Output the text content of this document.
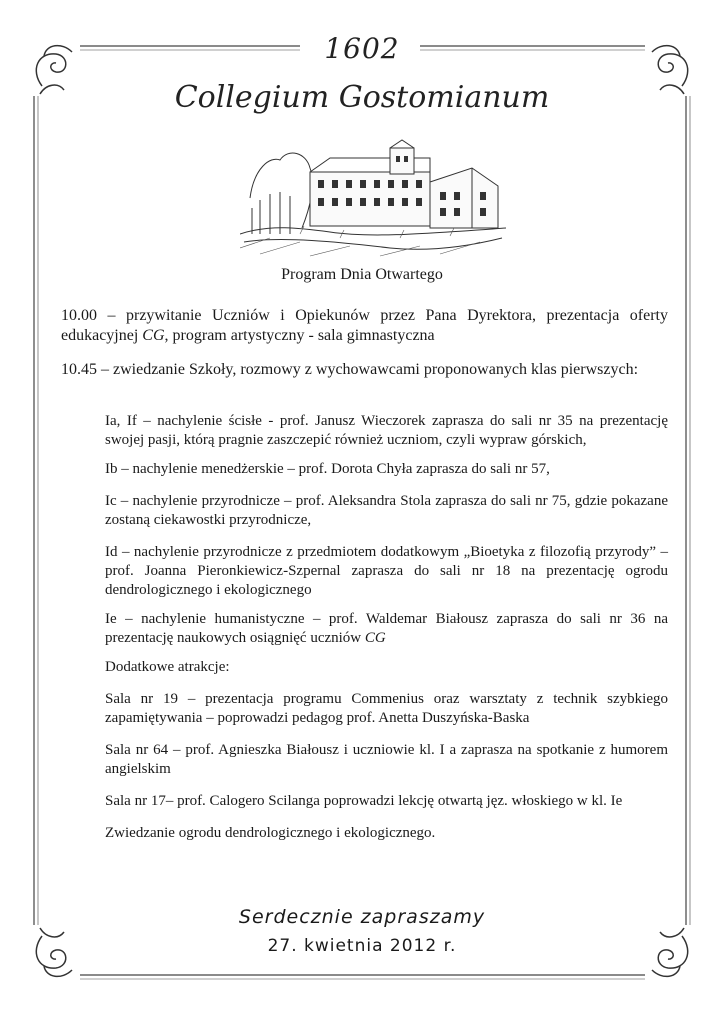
1602
Collegium Gostomianum
Program Dnia Otwartego
10.00 – przywitanie Uczniów i Opiekunów przez Pana Dyrektora, prezentacja oferty edukacyjnej CG, program artystyczny - sala gimnastyczna
10.45 – zwiedzanie Szkoły, rozmowy z wychowawcami proponowanych klas pierwszych:

Ia, If – nachylenie ścisłe - prof. Janusz Wieczorek zaprasza do sali nr 35 na prezentację swojej pasji, którą pragnie zaszczepić również uczniom, czyli wypraw górskich,

Ib – nachylenie menedżerskie – prof. Dorota Chyła zaprasza do sali nr 57,

Ic – nachylenie przyrodnicze – prof. Aleksandra Stola zaprasza do sali nr 75, gdzie pokazane zostaną ciekawostki przyrodnicze,

Id – nachylenie przyrodnicze z przedmiotem dodatkowym „Bioetyka z filozofią przyrody” – prof. Joanna Pieronkiewicz-Szpernal zaprasza do sali nr 18 na prezentację ogrodu dendrologicznego i ekologicznego

Ie – nachylenie humanistyczne – prof. Waldemar Białousz zaprasza do sali nr 36 na prezentację naukowych osiągnięć uczniów CG

Dodatkowe atrakcje:

Sala nr 19 – prezentacja programu Commenius oraz warsztaty z technik szybkiego zapamiętywania – poprowadzi pedagog prof. Anetta Duszyńska-Baska

Sala nr 64 – prof. Agnieszka Białousz i uczniowie kl. I a zaprasza na spotkanie z humorem angielskim

Sala nr 17– prof. Calogero Scilanga poprowadzi lekcję otwartą jęz. włoskiego w kl. Ie

Zwiedzanie ogrodu dendrologicznego i ekologicznego.

Serdecznie zapraszamy
27. kwietnia 2012 r.
